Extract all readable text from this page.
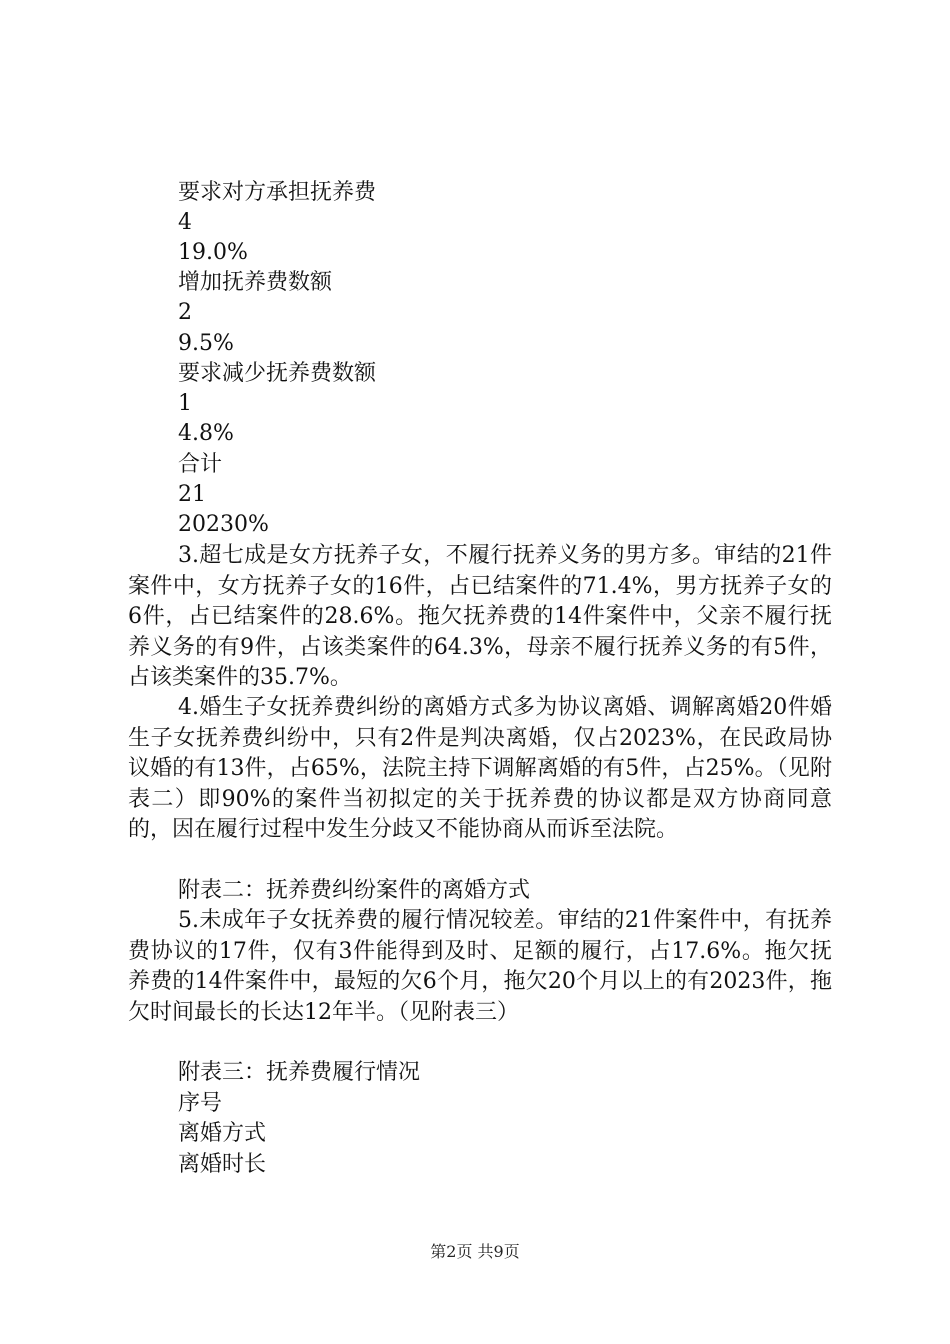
要求对方承担抚养费
4
19.0%
增加抚养费数额
2
9.5%
要求减少抚养费数额
1
4.8%
合计
21
20230%

3.超七成是女方抚养子女，不履行抚养义务的男方多。审结的21件案件中，女方抚养子女的16件，占已结案件的71.4%，男方抚养子女的6件，占已结案件的28.6%。拖欠抚养费的14件案件中，父亲不履行抚养义务的有9件，占该类案件的64.3%，母亲不履行抚养义务的有5件，占该类案件的35.7%。

4.婚生子女抚养费纠纷的离婚方式多为协议离婚、调解离婚20件婚生子女抚养费纠纷中，只有2件是判决离婚，仅占2023%，在民政局协议婚的有13件，占65%，法院主持下调解离婚的有5件，占25%。（见附表二）即90%的案件当初拟定的关于抚养费的协议都是双方协商同意的，因在履行过程中发生分歧又不能协商从而诉至法院。

附表二：抚养费纠纷案件的离婚方式

5.未成年子女抚养费的履行情况较差。审结的21件案件中，有抚养费协议的17件，仅有3件能得到及时、足额的履行，占17.6%。拖欠抚养费的14件案件中，最短的欠6个月，拖欠20个月以上的有2023件，拖欠时间最长的长达12年半。（见附表三）

附表三：抚养费履行情况

序号
离婚方式
离婚时长
第2页 共9页
